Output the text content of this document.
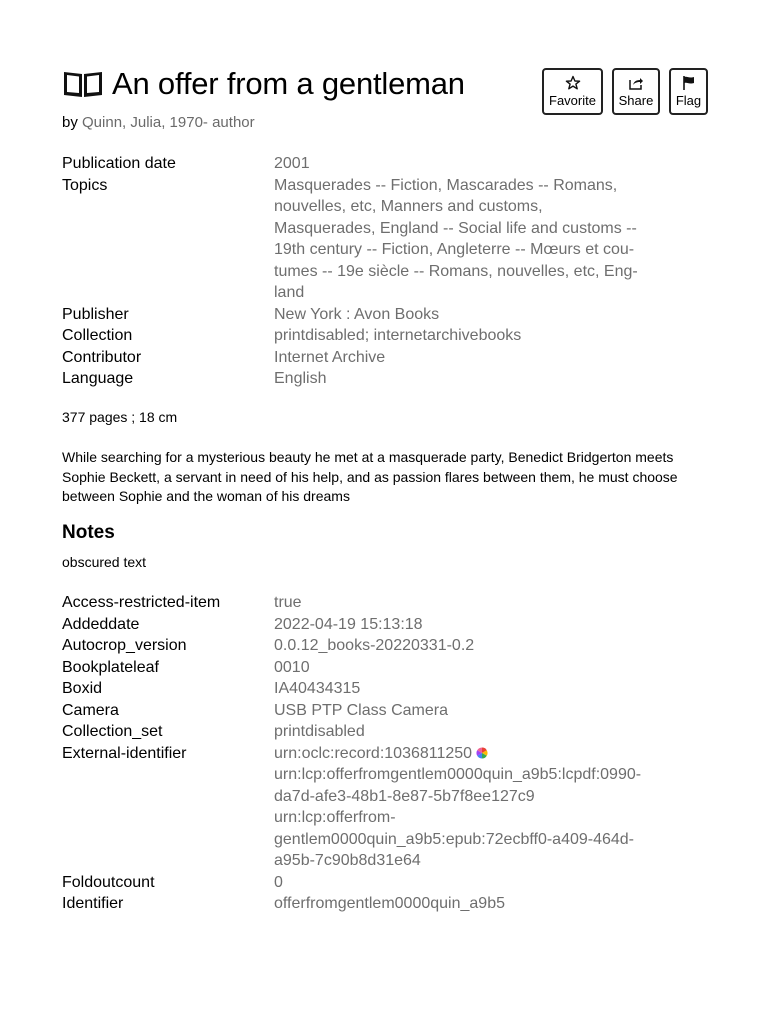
An offer from a gentleman	Favorite Share Flag
by Quinn, Julia, 1970- author
Publication date	2001
Topics	Masquerades -- Fiction, Mascarades -- Romans,
nouvelles, etc, Manners and customs,
Masquerades, England -- Social life and customs --
19th century -- Fiction, Angleterre -- Mœurs et cou-
tumes -- 19e siècle -- Romans, nouvelles, etc, Eng-
land
Publisher	New York : Avon Books
Collection	printdisabled; internetarchivebooks
Contributor	Internet Archive
Language	English
377 pages ; 18 cm
While searching for a mysterious beauty he met at a masquerade party, Benedict Bridgerton meets Sophie Beckett, a servant in need of his help, and as passion flares between them, he must choose between Sophie and the woman of his dreams
Notes
obscured text
Access-restricted-item	true
Addeddate	2022-04-19 15:13:18
Autocrop_version	0.0.12_books-20220331-0.2
Bookplateleaf	0010
Boxid	IA40434315
Camera	USB PTP Class Camera
Collection_set	printdisabled
External-identifier	urn:oclc:record:1036811250
urn:lcp:offerfromgentlem0000quin_a9b5:lcpdf:0990-
da7d-afe3-48b1-8e87-5b7f8ee127c9
urn:lcp:offerfrom-
gentlem0000quin_a9b5:epub:72ecbff0-a409-464d-
a95b-7c90b8d31e64
Foldoutcount	0
Identifier	offerfromgentlem0000quin_a9b5
